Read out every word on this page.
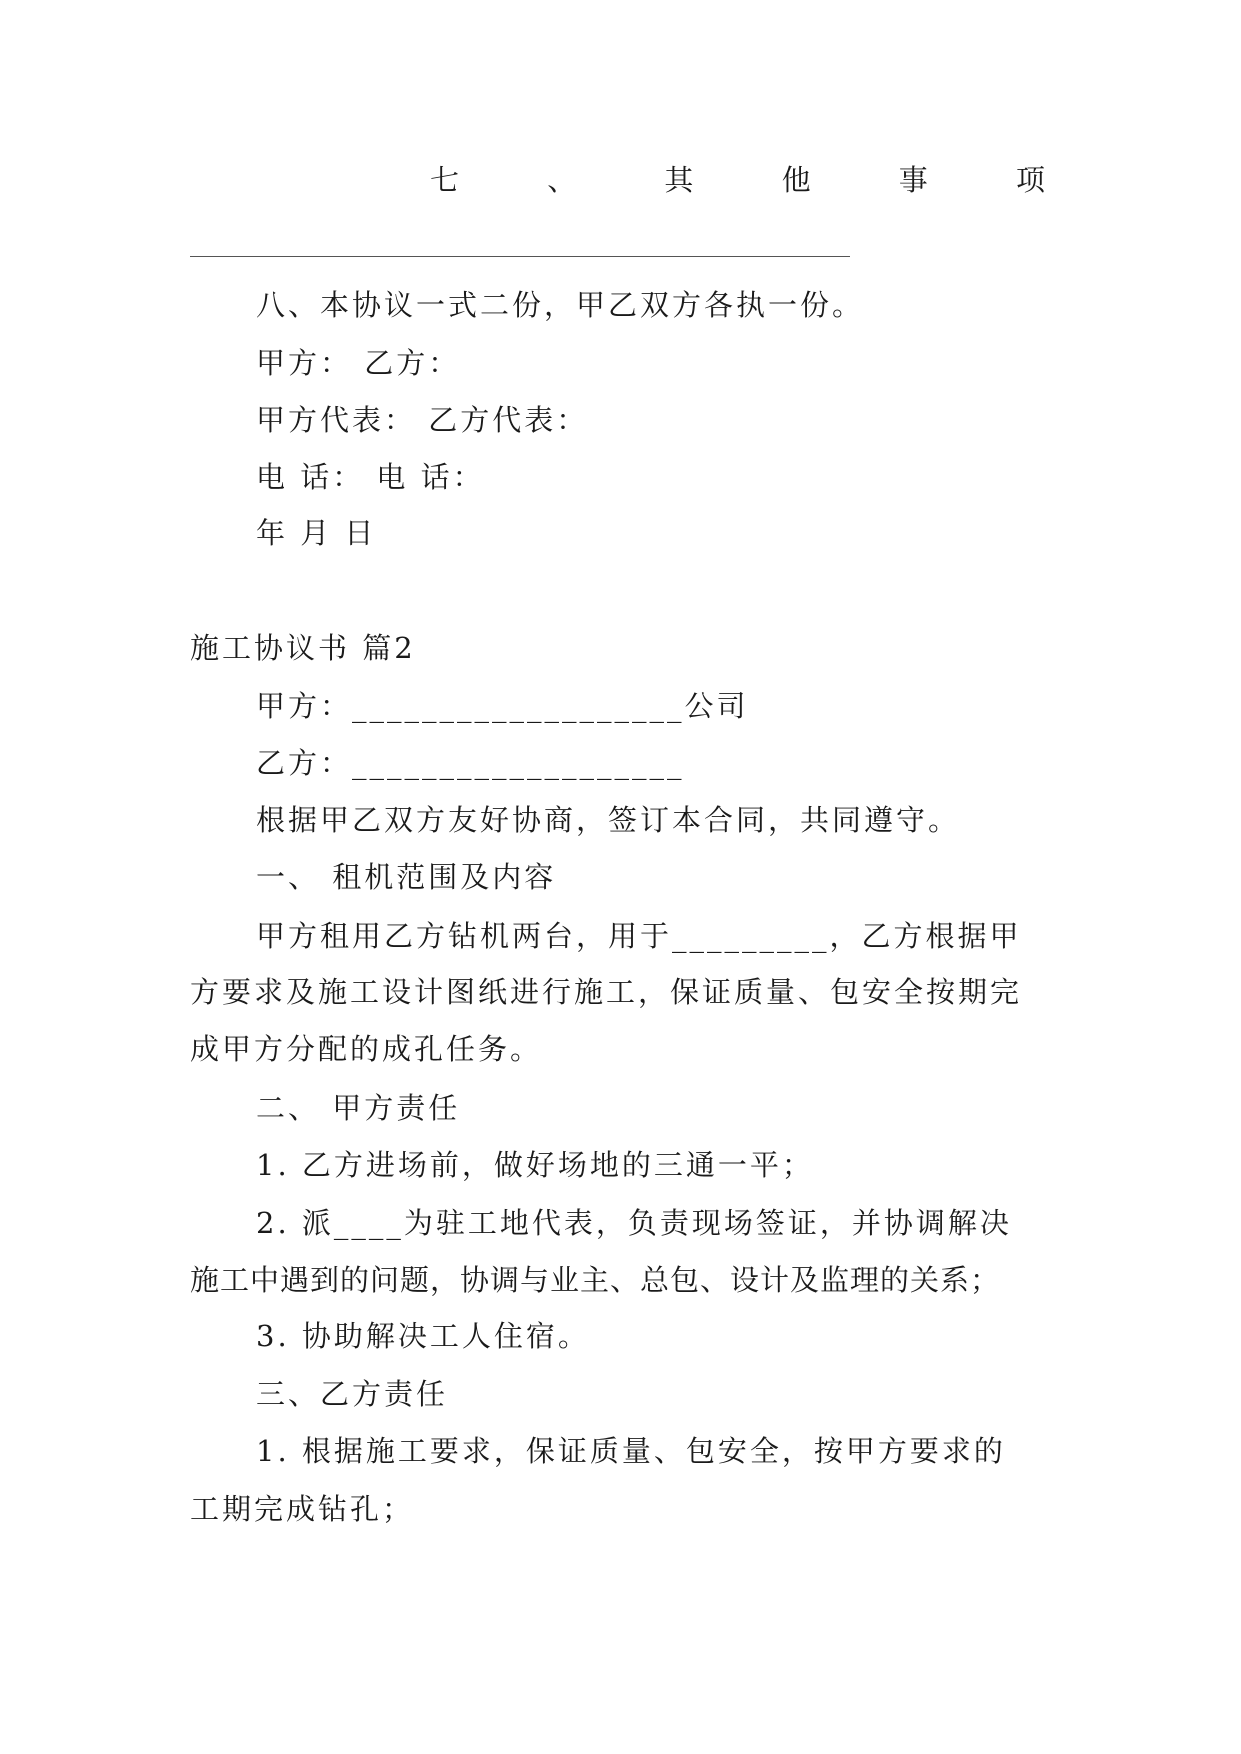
七	、	其	他	事	项
八、本协议一式二份，甲乙双方各执一份。
甲方： 乙方：
甲方代表： 乙方代表：
电 话： 电 话：
年 月 日
施工协议书 篇2
甲方：___________________公司
乙方：___________________
根据甲乙双方友好协商，签订本合同，共同遵守。
一、 租机范围及内容
甲方租用乙方钻机两台，用于_________，乙方根据甲
方要求及施工设计图纸进行施工，保证质量、包安全按期完
成甲方分配的成孔任务。
二、 甲方责任
1. 乙方进场前，做好场地的三通一平；
2. 派____为驻工地代表，负责现场签证，并协调解决
施工中遇到的问题，协调与业主、总包、设计及监理的关系；
3. 协助解决工人住宿。
三、乙方责任
1. 根据施工要求，保证质量、包安全，按甲方要求的
工期完成钻孔；
